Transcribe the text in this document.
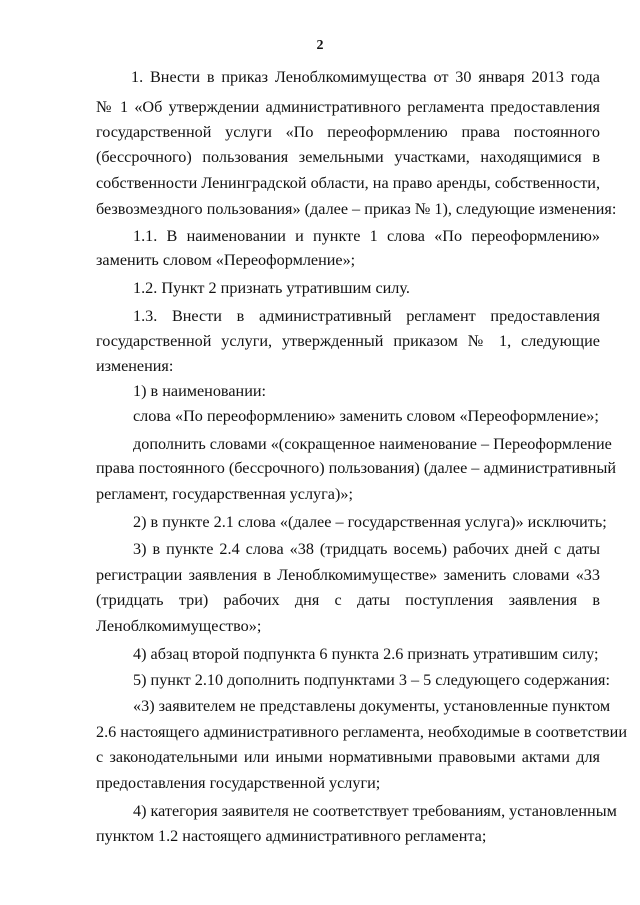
2
1. Внести в приказ Леноблкомимущества от 30 января 2013 года
№ 1 «Об утверждении административного регламента предоставления
государственной услуги «По переоформлению права постоянного
(бессрочного) пользования земельными участками, находящимися в
собственности Ленинградской области, на право аренды, собственности,
безвозмездного пользования» (далее – приказ № 1), следующие изменения:
1.1. В наименовании и пункте 1 слова «По переоформлению»
заменить словом «Переоформление»;
1.2. Пункт 2 признать утратившим силу.
1.3. Внести в административный регламент предоставления
государственной услуги, утвержденный приказом № 1, следующие
изменения:
1) в наименовании:
слова «По переоформлению» заменить словом «Переоформление»;
дополнить словами «(сокращенное наименование – Переоформление
права постоянного (бессрочного) пользования) (далее – административный
регламент, государственная услуга)»;
2) в пункте 2.1 слова «(далее – государственная услуга)» исключить;
3) в пункте 2.4 слова «38 (тридцать восемь) рабочих дней с даты
регистрации заявления в Леноблкомимуществе» заменить словами «33
(тридцать три) рабочих дня с даты поступления заявления в
Леноблкомимущество»;
4) абзац второй подпункта 6 пункта 2.6 признать утратившим силу;
5) пункт 2.10 дополнить подпунктами 3 – 5 следующего содержания:
«3) заявителем не представлены документы, установленные пунктом
2.6 настоящего административного регламента, необходимые в соответствии
с законодательными или иными нормативными правовыми актами для
предоставления государственной услуги;
4) категория заявителя не соответствует требованиям, установленным
пунктом 1.2 настоящего административного регламента;
